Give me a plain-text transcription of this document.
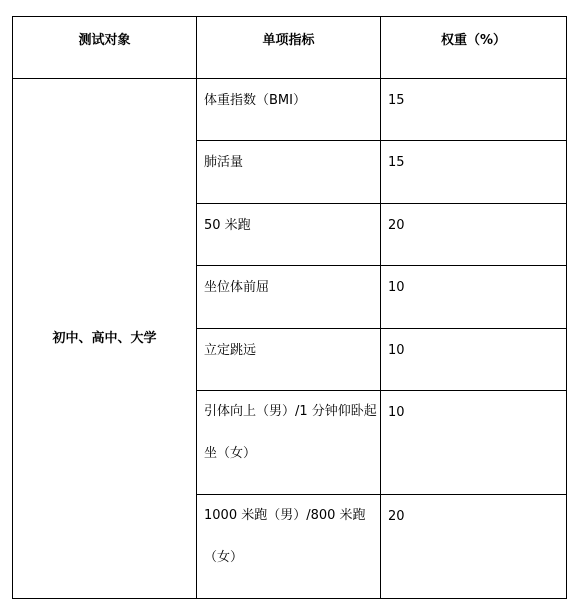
测试对象	单项指标	权重（%）
初中、高中、大学	体重指数（BMI）	15
	肺活量	15
	50 米跑	20
	坐位体前屈	10
	立定跳远	10
	引体向上（男）/1 分钟仰卧起坐（女）	10
	1000 米跑（男）/800 米跑（女）	20
